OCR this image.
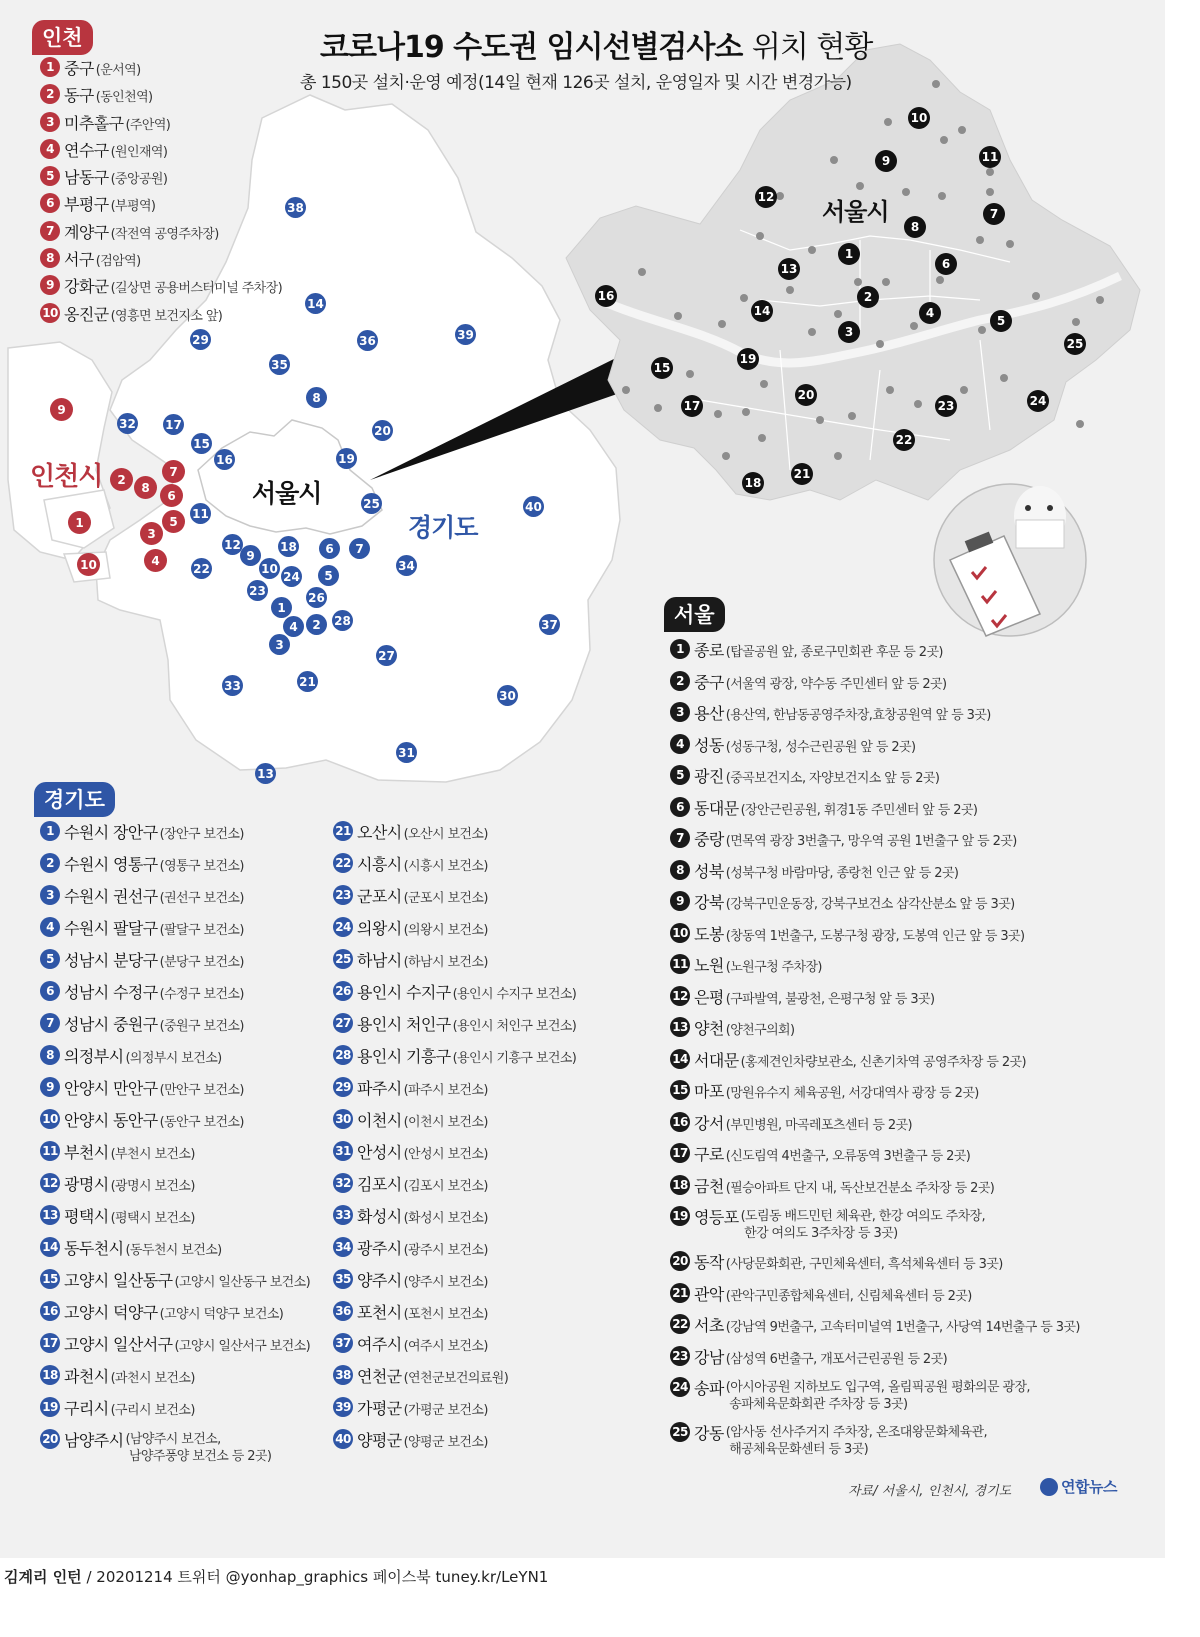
코로나19 수도권 임시선별검사소 위치 현황
총 150곳 설치·운영 예정(14일 현재 126곳 설치, 운영일자 및 시간 변경가능)
인천시
서울시
경기도
서울시
9
1
10
2
8
6
7
5
3
4
38
14
29	36	39
35
8
32 17
15
16
20
19
25	40
11
12
9
18	6	7
22	10
24	5
34
23	26
1
4	2	28
3
37
27
33	21
30
31
13
10
9	11
12
7
8
1
6
13
16	2
14	4
5
3
25
19
15
20	24
17	23
22
21
18
인천
1 중구 (운서역)
2 동구 (동인천역)
3 미추홀구 (주안역)
4 연수구 (원인재역)
5 남동구 (중앙공원)
6 부평구 (부평역)
7 계양구 (작전역 공영주차장)
8 서구 (검암역)
9 강화군 (길상면 공용버스터미널 주차장)
10 옹진군 (영흥면 보건지소 앞)
경기도
1 수원시 장안구 (장안구 보건소)
2 수원시 영통구 (영통구 보건소)
3 수원시 권선구 (권선구 보건소)
4 수원시 팔달구 (팔달구 보건소)
5 성남시 분당구 (분당구 보건소)
6 성남시 수정구 (수정구 보건소)
7 성남시 중원구 (중원구 보건소)
8 의정부시 (의정부시 보건소)
9 안양시 만안구 (만안구 보건소)
10 안양시 동안구 (동안구 보건소)
11 부천시 (부천시 보건소)
12 광명시 (광명시 보건소)
13 평택시 (평택시 보건소)
14 동두천시 (동두천시 보건소)
15 고양시 일산동구 (고양시 일산동구 보건소)
16 고양시 덕양구 (고양시 덕양구 보건소)
17 고양시 일산서구 (고양시 일산서구 보건소)
18 과천시 (과천시 보건소)
19 구리시 (구리시 보건소)
20 남양주시 (남양주시 보건소,
남양주풍양 보건소 등 2곳)
21 오산시 (오산시 보건소)
22 시흥시 (시흥시 보건소)
23 군포시 (군포시 보건소)
24 의왕시 (의왕시 보건소)
25 하남시 (하남시 보건소)
26 용인시 수지구 (용인시 수지구 보건소)
27 용인시 처인구 (용인시 처인구 보건소)
28 용인시 기흥구 (용인시 기흥구 보건소)
29 파주시 (파주시 보건소)
30 이천시 (이천시 보건소)
31 안성시 (안성시 보건소)
32 김포시 (김포시 보건소)
33 화성시 (화성시 보건소)
34 광주시 (광주시 보건소)
35 양주시 (양주시 보건소)
36 포천시 (포천시 보건소)
37 여주시 (여주시 보건소)
38 연천군 (연천군보건의료원)
39 가평군 (가평군 보건소)
40 양평군 (양평군 보건소)
서울
1 종로 (탑골공원 앞, 종로구민회관 후문 등 2곳)
2 중구 (서울역 광장, 약수동 주민센터 앞 등 2곳)
3 용산 (용산역, 한남동공영주차장,효창공원역 앞 등 3곳)
4 성동 (성동구청, 성수근린공원 앞 등 2곳)
5 광진 (중곡보건지소, 자양보건지소 앞 등 2곳)
6 동대문 (장안근린공원, 휘경1동 주민센터 앞 등 2곳)
7 중랑 (면목역 광장 3번출구, 망우역 공원 1번출구 앞 등 2곳)
8 성북 (성북구청 바람마당, 종랑천 인근 앞 등 2곳)
9 강북 (강북구민운동장, 강북구보건소 삼각산분소 앞 등 3곳)
10 도봉 (창동역 1번출구, 도봉구청 광장, 도봉역 인근 앞 등 3곳)
11 노원 (노원구청 주차장)
12 은평 (구파발역, 불광천, 은평구청 앞 등 3곳)
13 양천 (양천구의회)
14 서대문 (홍제견인차량보관소, 신촌기차역 공영주차장 등 2곳)
15 마포 (망원유수지 체육공원, 서강대역사 광장 등 2곳)
16 강서 (부민병원, 마곡레포츠센터 등 2곳)
17 구로 (신도림역 4번출구, 오류동역 3번출구 등 2곳)
18 금천 (필승아파트 단지 내, 독산보건분소 주차장 등 2곳)
19 영등포 (도림동 배드민턴 체육관, 한강 여의도 주차장,
한강 여의도 3주차장 등 3곳)
20 동작 (사당문화회관, 구민체육센터, 흑석체육센터 등 3곳)
21 관악 (관악구민종합체육센터, 신림체육센터 등 2곳)
22 서초 (강남역 9번출구, 고속터미널역 1번출구, 사당역 14번출구 등 3곳)
23 강남 (삼성역 6번출구, 개포서근린공원 등 2곳)
24 송파 (아시아공원 지하보도 입구역, 올림픽공원 평화의문 광장,
송파체육문화회관 주차장 등 3곳)
25 강동 (암사동 선사주거지 주차장, 온조대왕문화체육관,
해공체육문화센터 등 3곳)
자료/ 서울시, 인천시, 경기도	연합뉴스
김계리 인턴 / 20201214 트위터 @yonhap_graphics 페이스북 tuney.kr/LeYN1
